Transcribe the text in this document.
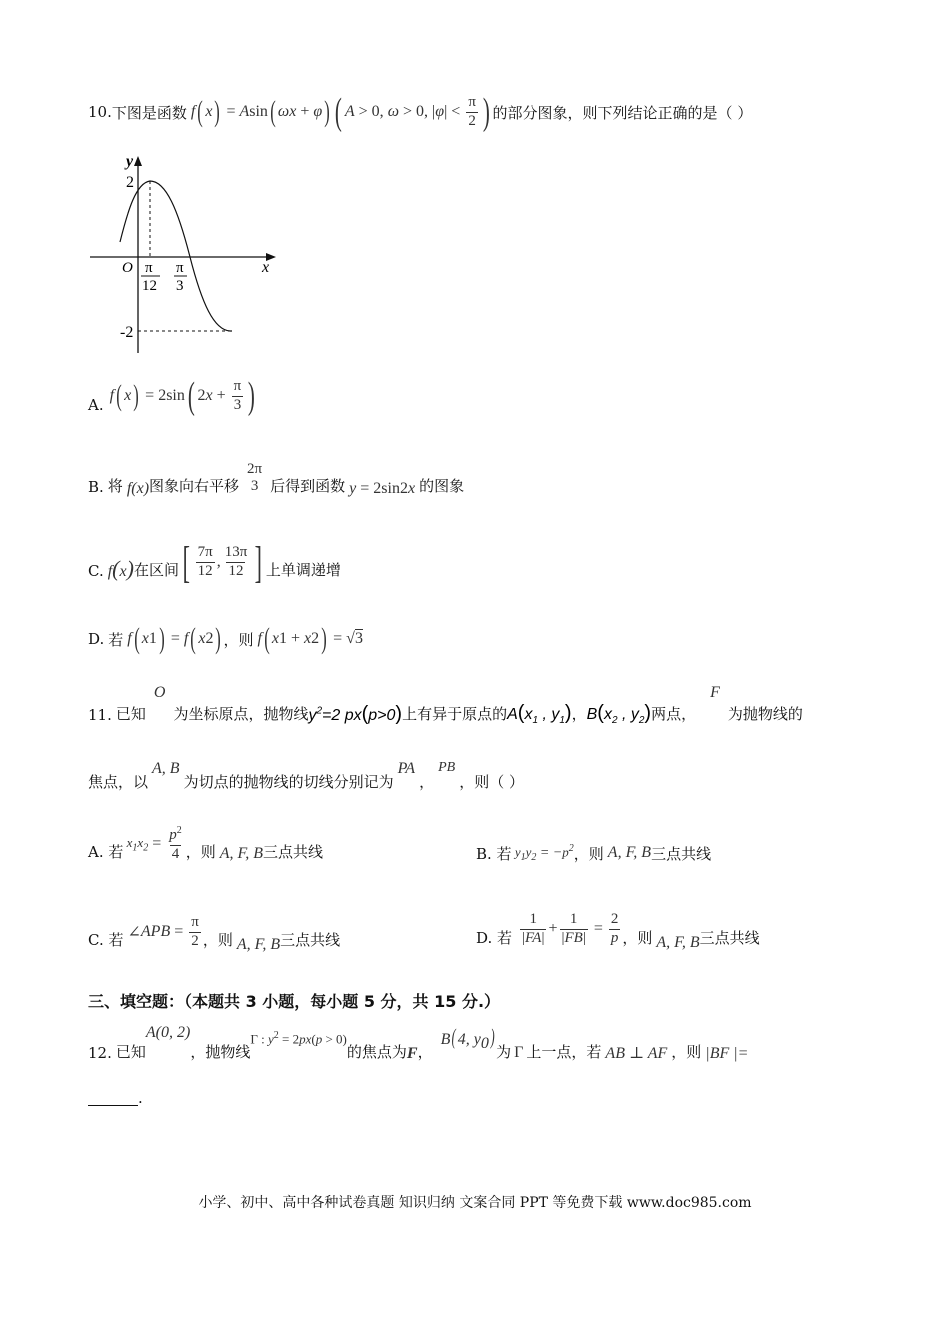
10. 下图是函数 f ( x ) = A sin ( ωx + φ ) ( A > 0, ω > 0, | φ | < $\frac{\pi}{2}$ ) 的部分图象，则下列结论正确的是（ ）
y
x
O
2
-2
π
12
π
3
A.
f ( x ) = 2sin ( 2 $x + \frac{\pi}{3}$ )
B. 将 f(x) 图象向右平移
2π
3 后得到函数 y = 2sin2x 的图象
C. f(x) 在区间 [ $\frac{7\pi}{12}$ , $\frac{13\pi}{12}$ ] 上单调递增
D. 若 f ( x 1 ) = f ( x 2 ) ，则 f ( x 1 + x 2 ) = √3
11. 已知
O
为坐标原点，抛物线 $y^2=2$ px(p>0) 上有异于原点的 $A(x_1$ , $y_1$) ， $B(x_2$ , $y_2$) 两点，
F
为抛物线的
焦点，以
A, B
为切点的抛物线的切线分别记为
PA
，
PB
，则（ ）
A. 若
$x_1x_2 = \frac{p^2}{4}$ ，则 A, F, B 三点共线	B. 若 $y_1y_2 = -p^2$ ，则 A, F, B 三点共线
C. 若 ∠ APB = $\frac{\pi}{2}$ ，则 A, F, B 三点共线	D. 若 $\frac{1}{|FA|} + \frac{1}{|FB|} = \frac{2}{p}$ ，则 A, F, B 三点共线
三、填空题：（本题共 3 小题，每小题 5 分，共 15 分.）
12. 已知
A(0, 2)
，抛物线
Γ : $y^2 = 2px(p > 0)$
的焦点为 F ，
B( 4, $y_0$)
为 Γ 上一点，若 AB ⊥ AF ，则 |BF |=
.
小学、初中、高中各种试卷真题 知识归纳 文案合同 PPT 等免费下载 www.doc985.com
